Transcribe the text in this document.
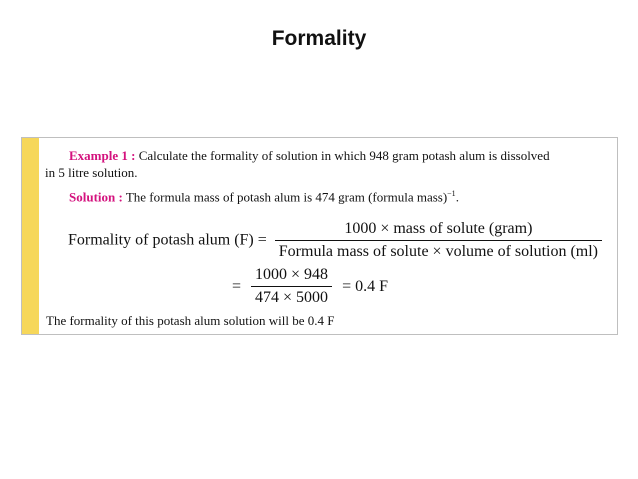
Formality
Example 1 : Calculate the formality of solution in which 948 gram potash alum is dissolved
in 5 litre solution.
Solution : The formula mass of potash alum is 474 gram (formula mass)$^{-1}$.
Formality of potash alum $(F) = \frac{\text{1000 × mass of solute (gram)}}{\text{Formula mass of solute × volume of solution (ml)}}$
= $\frac{1000 \times 948}{474 \times 5000} = 0.4$ F
The formality of this potash alum solution will be 0.4 F
